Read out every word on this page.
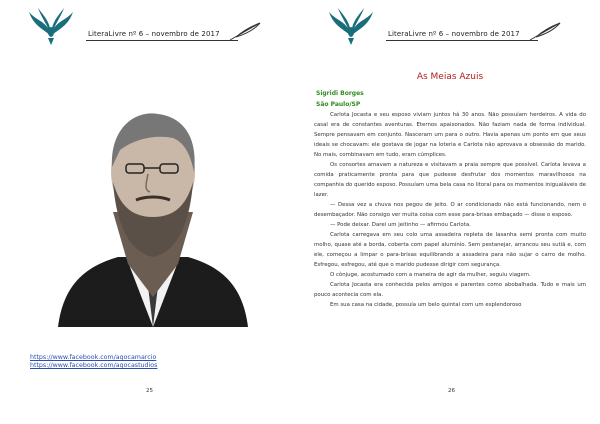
LiteraLivre nº 6 – novembro de 2017
https://www.facebook.com/agocamarcio
https://www.facebook.com/agocastudios
25
LiteraLivre nº 6 – novembro de 2017
As Meias Azuis
Sigridi Borges
São Paulo/SP

Carlota Jocasta e seu esposo viviam juntos há 30 anos. Não possuíam herdeiros. A vida do casal era de constantes aventuras. Eternos apaixonados. Não faziam nada de forma individual. Sempre pensavam em conjunto. Nasceram um para o outro. Havia apenas um ponto em que seus ideais se chocavam: ele gostava de jogar na loteria e Carlota não aprovava a obsessão do marido. No mais, combinavam em tudo, eram cúmplices.

Os consortes amavam a natureza e visitavam a praia sempre que possível. Carlota levava a comida praticamente pronta para que pudesse desfrutar dos momentos maravilhosos na companhia do querido esposo. Possuíam uma bela casa no litoral para os momentos inigualáveis de lazer.

— Dessa vez a chuva nos pegou de jeito. O ar condicionado não está funcionando, nem o desembaçador. Não consigo ver muita coisa com esse para-brisas embaçado — disse o esposo.

— Pode deixar. Darei um jeitinho — afirmou Carlota.

Carlota carregava em seu colo uma assadeira repleta de lasanha semi pronta com muito molho, quase até a borda, coberta com papel alumínio. Sem pestanejar, arrancou seu sutiã e, com ele, começou a limpar o para-brisas equilibrando a assadeira para não sujar o carro de molho. Esfregou, esfregou, até que o marido pudesse dirigir com segurança.

O cônjuge, acostumado com a maneira de agir da mulher, seguiu viagem.

Carlota Jocasta era conhecida pelos amigos e parentes como abobalhada. Tudo e mais um pouco acontecia com ela.

Em sua casa na cidade, possuía um belo quintal com um esplendoroso

26
